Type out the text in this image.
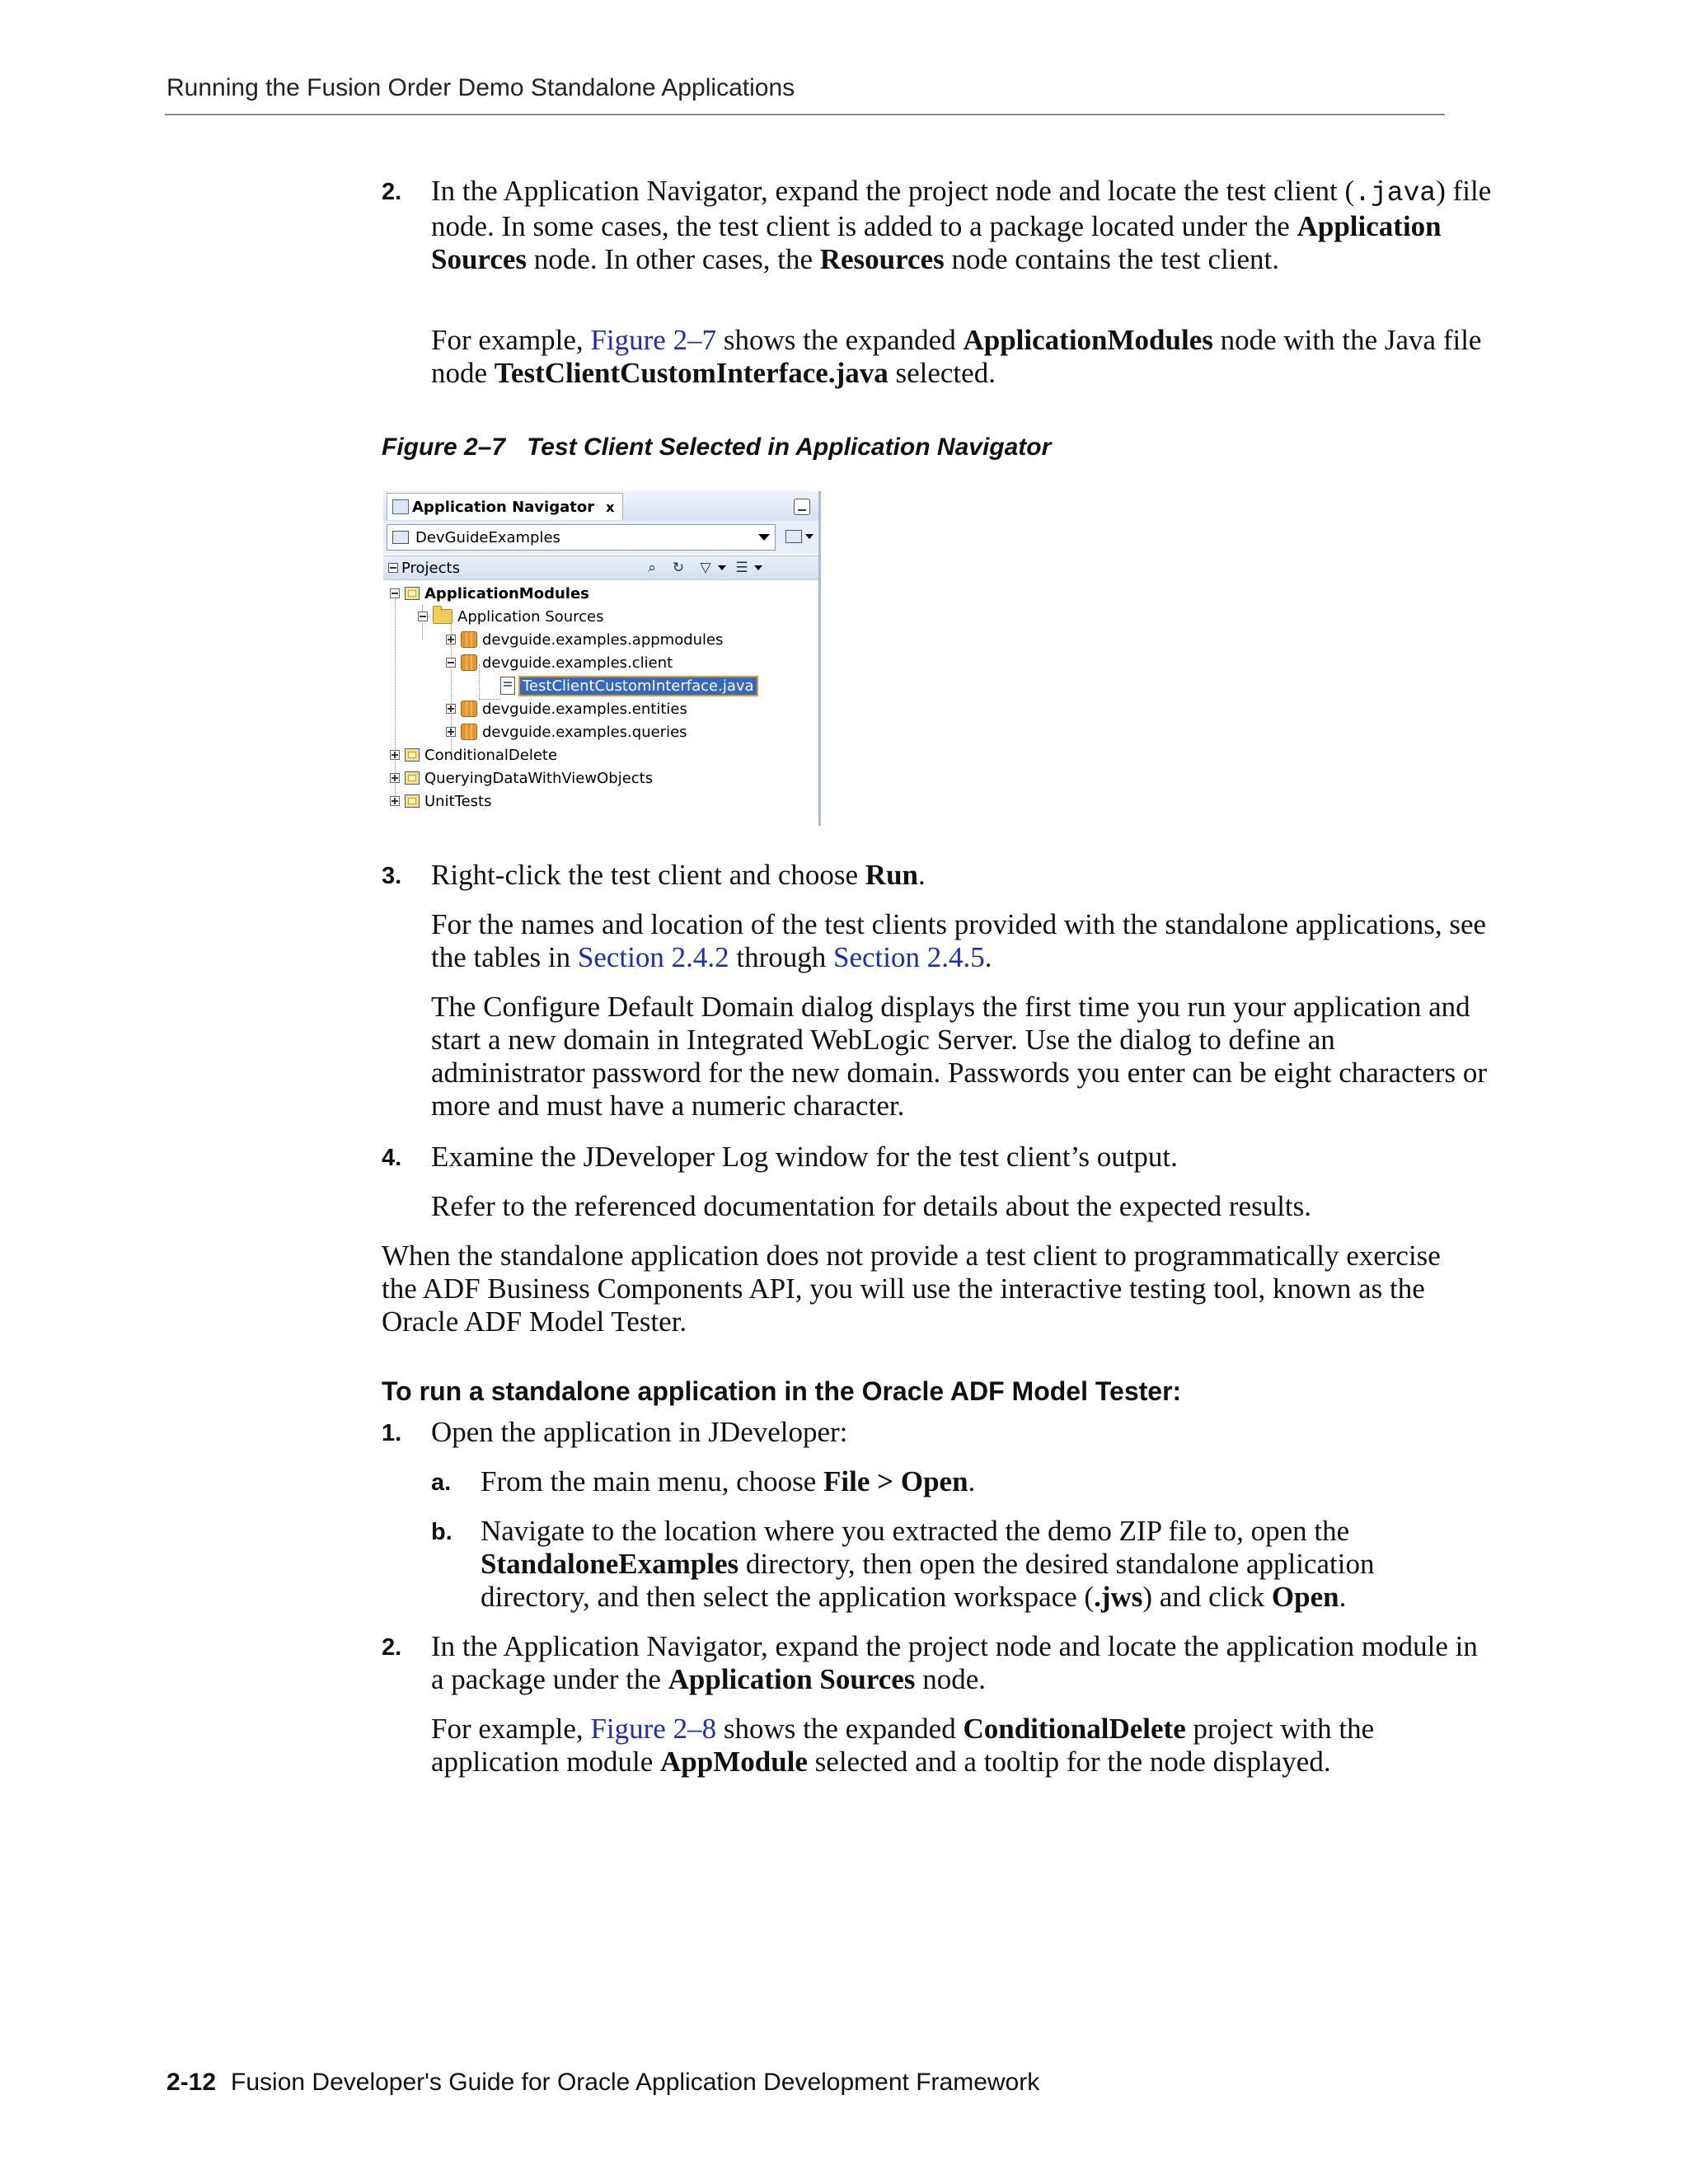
Running the Fusion Order Demo Standalone Applications
2. In the Application Navigator, expand the project node and locate the test client (.java) file node. In some cases, the test client is added to a package located under the Application Sources node. In other cases, the Resources node contains the test client.
For example, Figure 2–7 shows the expanded ApplicationModules node with the Java file node TestClientCustomInterface.java selected.
Figure 2–7 Test Client Selected in Application Navigator
Application Navigator x
DevGuideExamples
Projects	⌕	↻ ▽ ☰
ApplicationModules
Application Sources
devguide.examples.appmodules
devguide.examples.client
TestClientCustomInterface.java
devguide.examples.entities
devguide.examples.queries
ConditionalDelete
QueryingDataWithViewObjects
UnitTests
3. Right-click the test client and choose Run.
For the names and location of the test clients provided with the standalone applications, see the tables in Section 2.4.2 through Section 2.4.5.
The Configure Default Domain dialog displays the first time you run your application and start a new domain in Integrated WebLogic Server. Use the dialog to define an administrator password for the new domain. Passwords you enter can be eight characters or more and must have a numeric character.
4. Examine the JDeveloper Log window for the test client’s output.
Refer to the referenced documentation for details about the expected results.
When the standalone application does not provide a test client to programmatically exercise the ADF Business Components API, you will use the interactive testing tool, known as the Oracle ADF Model Tester.
To run a standalone application in the Oracle ADF Model Tester:
1. Open the application in JDeveloper:
a. From the main menu, choose File > Open.
b. Navigate to the location where you extracted the demo ZIP file to, open the StandaloneExamples directory, then open the desired standalone application directory, and then select the application workspace (.jws) and click Open.
2. In the Application Navigator, expand the project node and locate the application module in a package under the Application Sources node.
For example, Figure 2–8 shows the expanded ConditionalDelete project with the application module AppModule selected and a tooltip for the node displayed.
2-12 Fusion Developer's Guide for Oracle Application Development Framework
